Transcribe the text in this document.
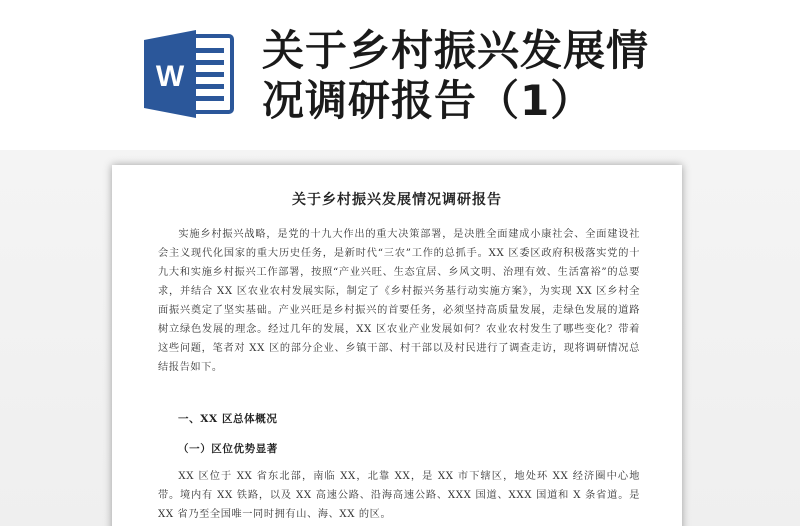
W
关于乡村振兴发展情
况调研报告（1）
关于乡村振兴发展情况调研报告

实施乡村振兴战略，是党的十九大作出的重大决策部署，是决胜全面建成小康社会、全面建设社会主义现代化国家的重大历史任务，是新时代“三农”工作的总抓手。XX 区委区政府积极落实党的十九大和实施乡村振兴工作部署，按照“产业兴旺、生态宜居、乡风文明、治理有效、生活富裕”的总要求，并结合 XX 区农业农村发展实际，制定了《乡村振兴务基行动实施方案》，为实现 XX 区乡村全面振兴奠定了坚实基础。产业兴旺是乡村振兴的首要任务，必须坚持高质量发展，走绿色发展的道路树立绿色发展的理念。经过几年的发展，XX 区农业产业发展如何？农业农村发生了哪些变化？带着这些问题，笔者对 XX 区的部分企业、乡镇干部、村干部以及村民进行了调查走访，现将调研情况总结报告如下。

一、XX 区总体概况
（一）区位优势显著

XX 区位于 XX 省东北部，南临 XX，北靠 XX，是 XX 市下辖区，地处环 XX 经济圈中心地带。境内有 XX 铁路，以及 XX 高速公路、沿海高速公路、XXX 国道、XXX 国道和 X 条省道。是 XX 省乃至全国唯一同时拥有山、海、XX 的区。
